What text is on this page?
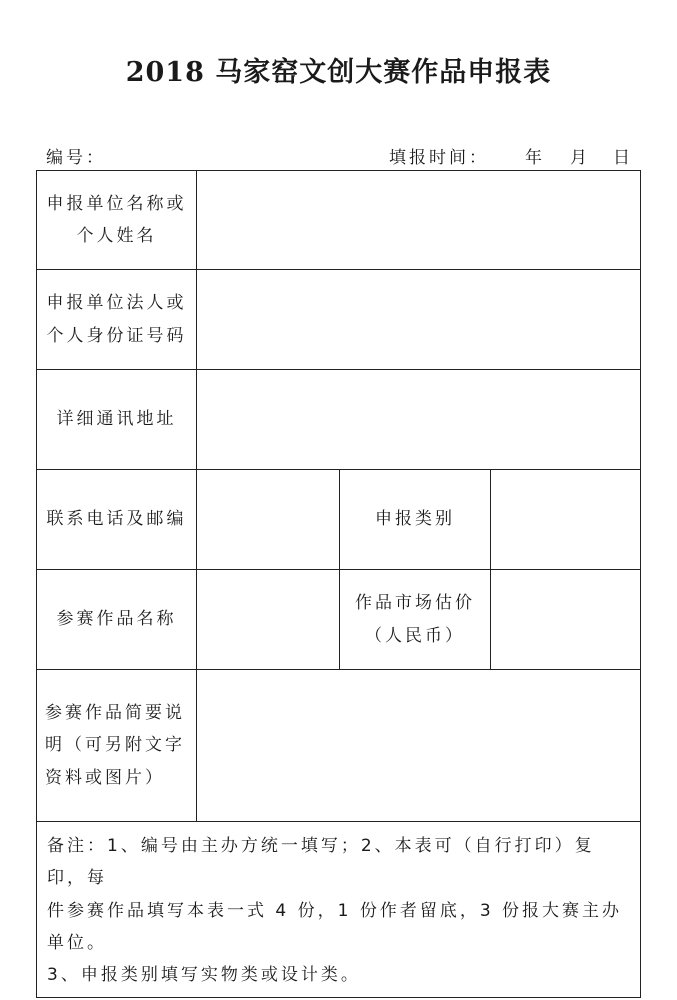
2018 马家窑文创大赛作品申报表
编号：	填报时间： 年 月 日
申报单位名称或
个人姓名			

申报单位法人或
个人身份证号码			

详细通讯地址			
联系电话及邮编		申报类别	
参赛作品名称		作品市场估价
（人民币）	

参赛作品简要说
明（可另附文字
资料或图片）			

备注：1、编号由主办方统一填写；2、本表可（自行打印）复印，每
件参赛作品填写本表一式 4 份，1 份作者留底，3 份报大赛主办单位。
3、申报类别填写实物类或设计类。			
